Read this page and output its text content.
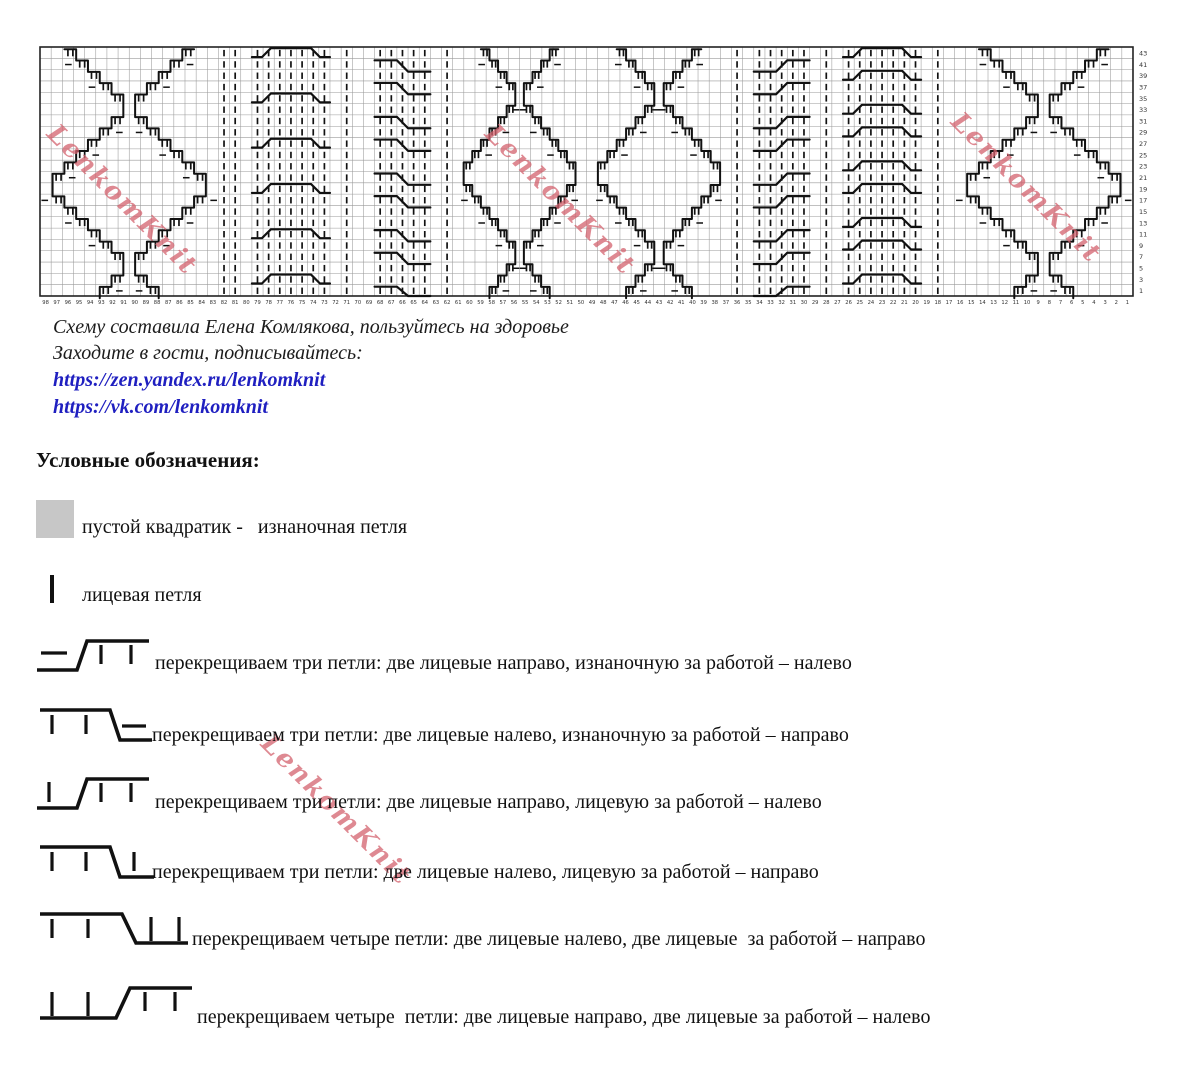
43
41
39
37
35
33
31
29
27
25
23
21
19
17
15
13
11
9
7
5
3
1
98 97 96 95 94 93 92 91 90 89 88 87 86 85 84 83 82 81 80 79 78 77 76 75 74 73 72 71 70 69 68 67 66 65 64 63 62 61 60 59 58 57 56 55 54 53 52 51 50 49 48 47 46 45 44 43 42 41 40 39 38 37 36 35 34 33 32 31 30 29 28 27 26 25 24 23 22 21 20 19 18 17 16 15 14 13 12 11 10 9 8 7 6 5 4 3 2 1
LenkomKnit	LenkomKnit	LenkomKnit
LenkomKnit
Схему составила Елена Комлякова, пользуйтесь на здоровье
Заходите в гости, подписывайтесь:
https://zen.yandex.ru/lenkomknit
https://vk.com/lenkomknit
Условные обозначения:
пустой квадратик -   изнаночная петля
лицевая петля
перекрещиваем три петли: две лицевые направо, изнаночную за работой – налево
перекрещиваем три петли: две лицевые налево, изнаночную за работой – направо
перекрещиваем три петли: две лицевые направо, лицевую за работой – налево
перекрещиваем три петли: две лицевые налево, лицевую за работой – направо
перекрещиваем четыре петли: две лицевые налево, две лицевые  за работой – направо
перекрещиваем четыре  петли: две лицевые направо, две лицевые за работой – налево
